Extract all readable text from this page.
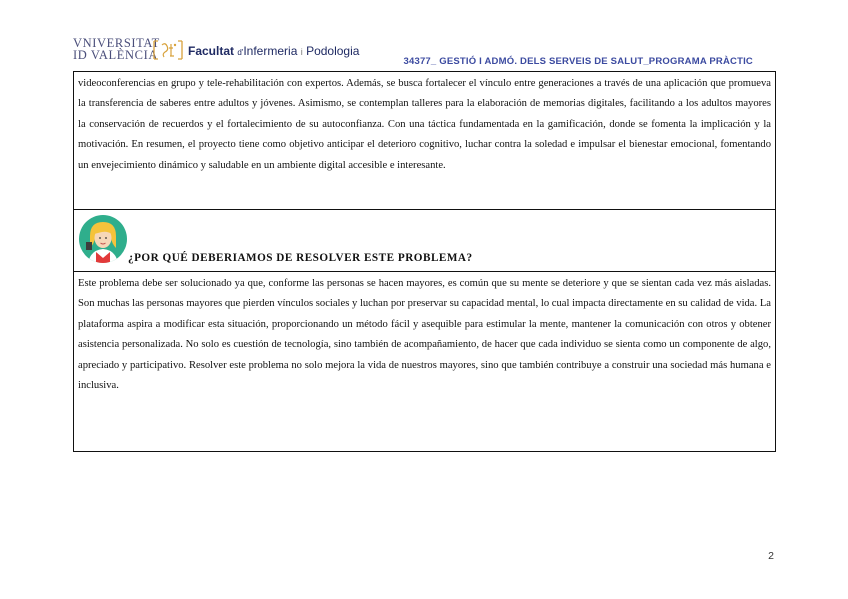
VNIVERSITAT
ID VALÈNCIA	Facultat d'Infermeria i Podologia
34377_ GESTIÓ I ADMÓ. DELS SERVEIS DE SALUT_PROGRAMA PRÀCTIC

videoconferencias en grupo y tele-rehabilitación con expertos. Además, se busca fortalecer el vínculo entre generaciones a través de una aplicación que promueva la transferencia de saberes entre adultos y jóvenes. Asimismo, se contemplan talleres para la elaboración de memorias digitales, facilitando a los adultos mayores la conservación de recuerdos y el fortalecimiento de su autoconfianza. Con una táctica fundamentada en la gamificación, donde se fomenta la implicación y la motivación. En resumen, el proyecto tiene como objetivo anticipar el deterioro cognitivo, luchar contra la soledad e impulsar el bienestar emocional, fomentando un envejecimiento dinámico y saludable en un ambiente digital accesible e interesante.

¿POR QUÉ DEBERIAMOS DE RESOLVER ESTE PROBLEMA?

Este problema debe ser solucionado ya que, conforme las personas se hacen mayores, es común que su mente se deteriore y que se sientan cada vez más aisladas. Son muchas las personas mayores que pierden vínculos sociales y luchan por preservar su capacidad mental, lo cual impacta directamente en su calidad de vida. La plataforma aspira a modificar esta situación, proporcionando un método fácil y asequible para estimular la mente, mantener la comunicación con otros y obtener asistencia personalizada. No solo es cuestión de tecnología, sino también de acompañamiento, de hacer que cada individuo se sienta como un componente de algo, apreciado y participativo. Resolver este problema no solo mejora la vida de nuestros mayores, sino que también contribuye a construir una sociedad más humana e inclusiva.

2
